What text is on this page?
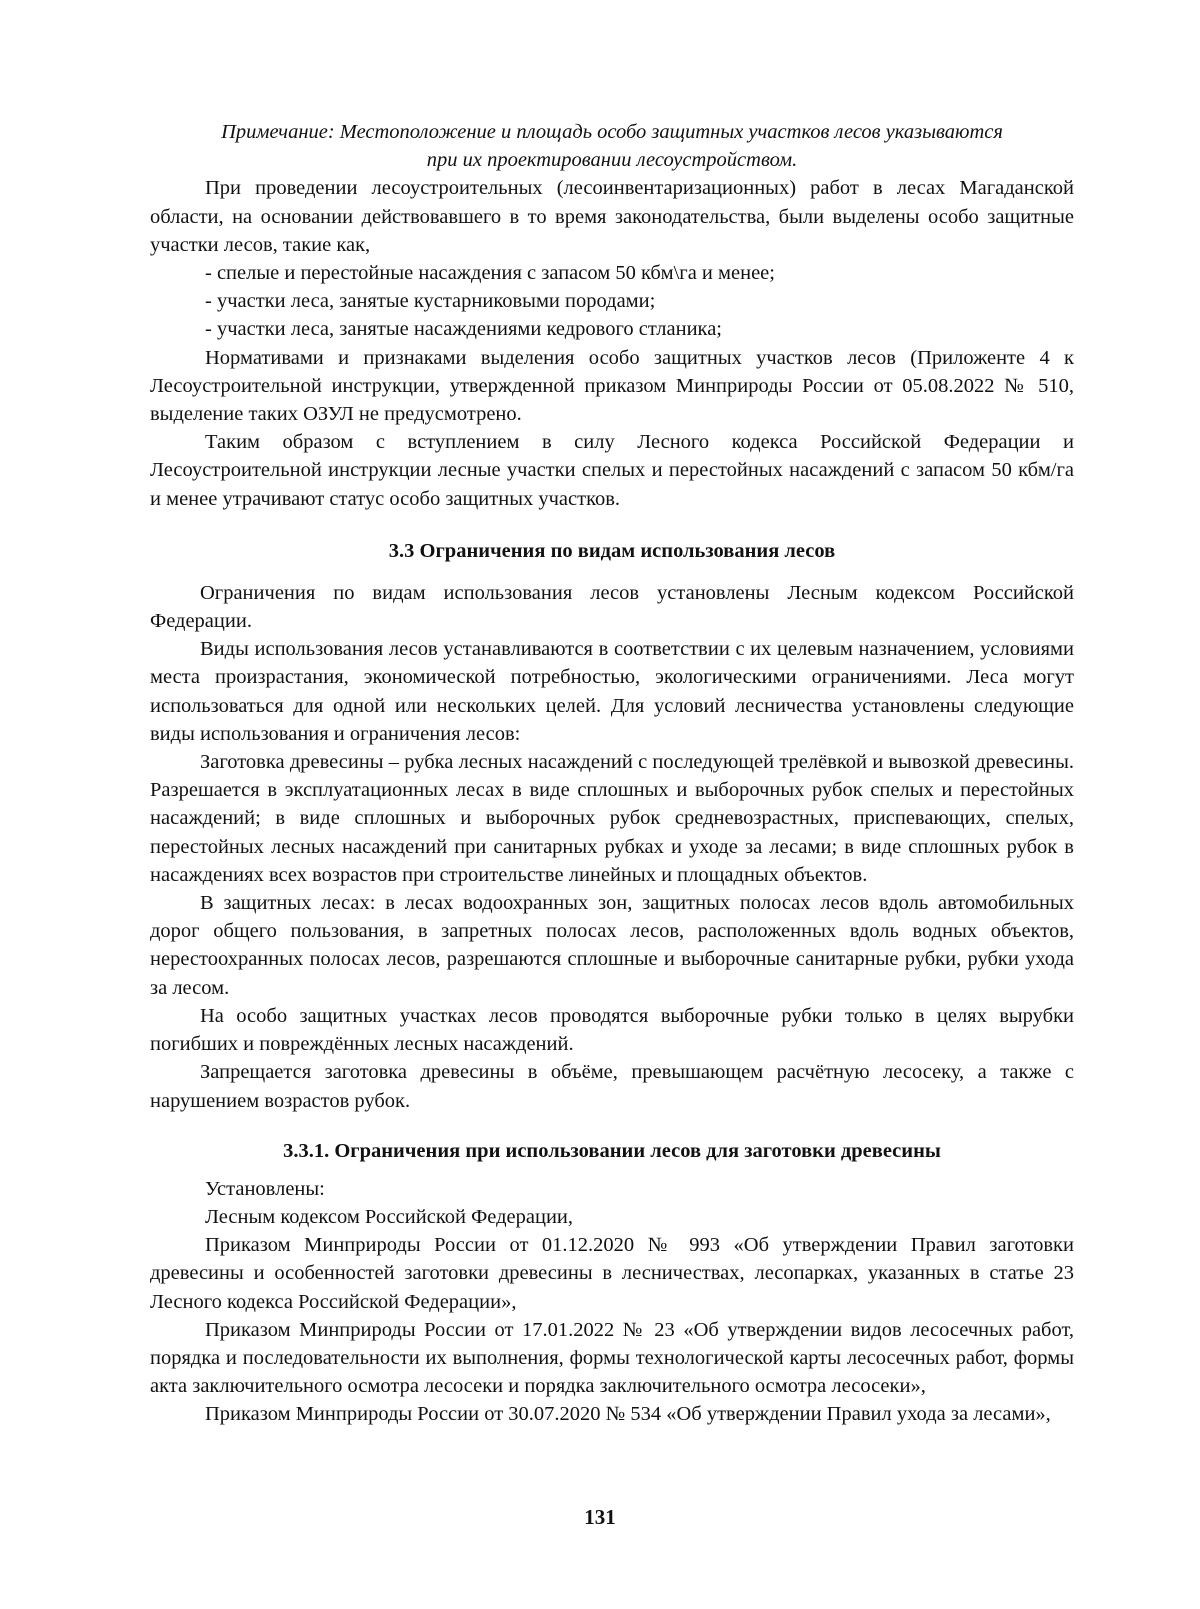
Примечание: Местоположение и площадь особо защитных участков лесов указываются
при их проектировании лесоустройством.

При проведении лесоустроительных (лесоинвентаризационных) работ в лесах Магаданской области, на основании действовавшего в то время законодательства, были выделены особо защитные участки лесов, такие как,

- спелые и перестойные насаждения с запасом 50 кбм\га и менее;

- участки леса, занятые кустарниковыми породами;

- участки леса, занятые насаждениями кедрового стланика;

Нормативами и признаками выделения особо защитных участков лесов (Приложенте 4 к Лесоустроительной инструкции, утвержденной приказом Минприроды России от 05.08.2022 № 510, выделение таких ОЗУЛ не предусмотрено.

Таким образом с вступлением в силу Лесного кодекса Российской Федерации и Лесоустроительной инструкции лесные участки спелых и перестойных насаждений с запасом 50 кбм/га и менее утрачивают статус особо защитных участков.

3.3 Ограничения по видам использования лесов

Ограничения по видам использования лесов установлены Лесным кодексом Российской Федерации.

Виды использования лесов устанавливаются в соответствии с их целевым назначением, условиями места произрастания, экономической потребностью, экологическими ограничениями. Леса могут использоваться для одной или нескольких целей. Для условий лесничества установлены следующие виды использования и ограничения лесов:

Заготовка древесины – рубка лесных насаждений с последующей трелёвкой и вывозкой древесины. Разрешается в эксплуатационных лесах в виде сплошных и выборочных рубок спелых и перестойных насаждений; в виде сплошных и выборочных рубок средневозрастных, приспевающих, спелых, перестойных лесных насаждений при санитарных рубках и уходе за лесами; в виде сплошных рубок в насаждениях всех возрастов при строительстве линейных и площадных объектов.

В защитных лесах: в лесах водоохранных зон, защитных полосах лесов вдоль автомобильных дорог общего пользования, в запретных полосах лесов, расположенных вдоль водных объектов, нерестоохранных полосах лесов, разрешаются сплошные и выборочные санитарные рубки, рубки ухода за лесом.

На особо защитных участках лесов проводятся выборочные рубки только в целях вырубки погибших и повреждённых лесных насаждений.

Запрещается заготовка древесины в объёме, превышающем расчётную лесосеку, а также с нарушением возрастов рубок.

3.3.1. Ограничения при использовании лесов для заготовки древесины

Установлены:

Лесным кодексом Российской Федерации,

Приказом Минприроды России от 01.12.2020 № 993 «Об утверждении Правил заготовки древесины и особенностей заготовки древесины в лесничествах, лесопарках, указанных в статье 23 Лесного кодекса Российской Федерации»,

Приказом Минприроды России от 17.01.2022 № 23 «Об утверждении видов лесосечных работ, порядка и последовательности их выполнения, формы технологической карты лесосечных работ, формы акта заключительного осмотра лесосеки и порядка заключительного осмотра лесосеки»,

Приказом Минприроды России от 30.07.2020 № 534 «Об утверждении Правил ухода за лесами»,

131
